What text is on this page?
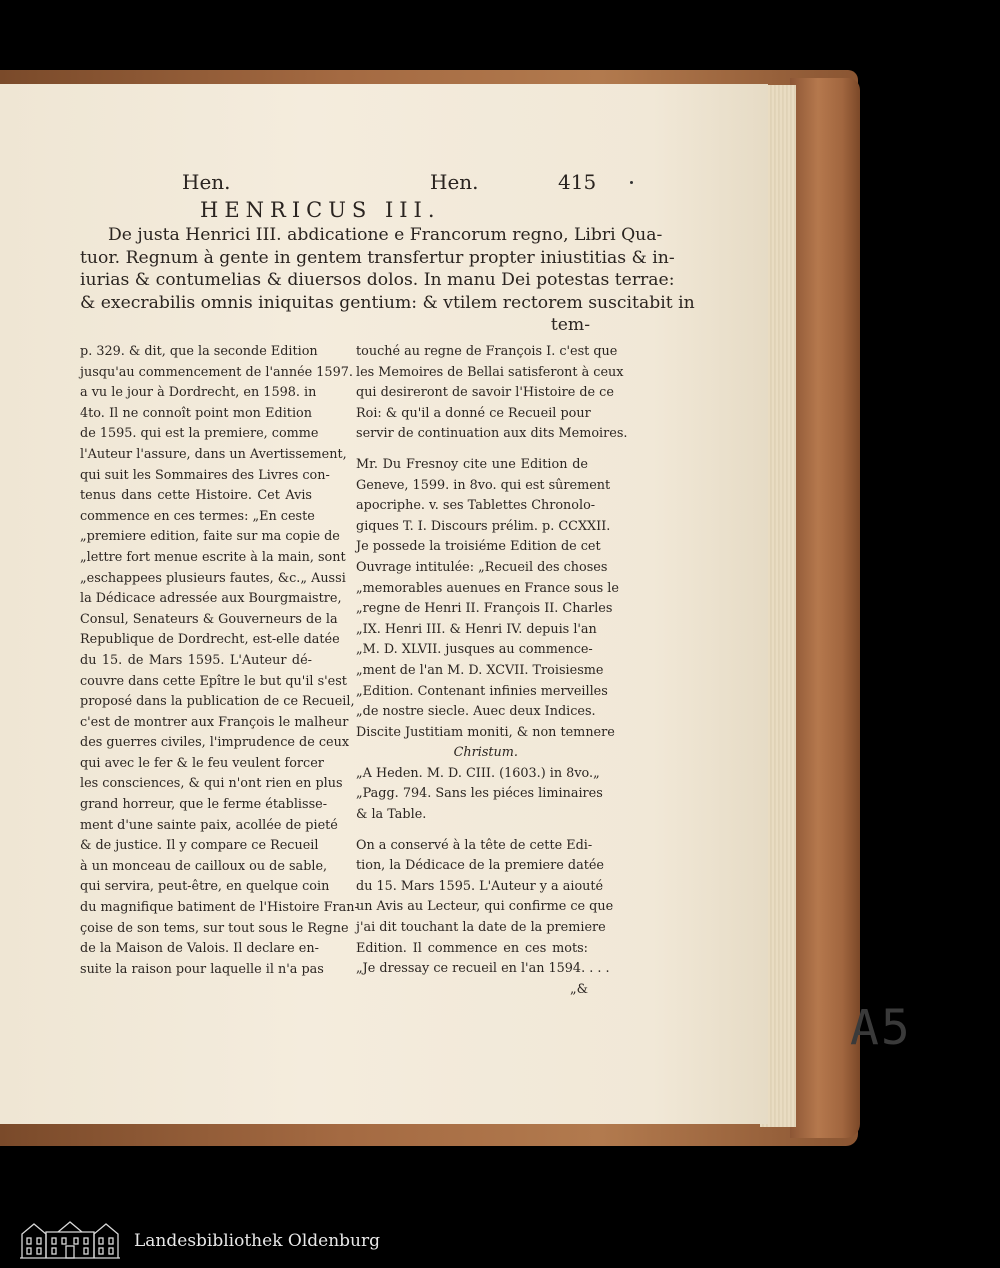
Hen.	Hen.	415
HENRICUS III.
De justa Henrici III. abdicatione e Francorum regno, Libri Qua-
tuor. Regnum à gente in gentem transfertur propter iniustitias & in-
iurias & contumelias & diuersos dolos. In manu Dei potestas terrae:
& execrabilis omnis iniquitas gentium: & vtilem rectorem suscitabit in
tem-
p. 329. & dit, que la seconde Edition
jusqu'au commencement de l'année 1597.
a vu le jour à Dordrecht, en 1598. in
4to. Il ne connoît point mon Edition
de 1595. qui est la premiere, comme
l'Auteur l'assure, dans un Avertissement,
qui suit les Sommaires des Livres con-
tenus dans cette Histoire. Cet Avis
commence en ces termes: „En ceste
„premiere edition, faite sur ma copie de
„lettre fort menue escrite à la main, sont
„eschappees plusieurs fautes, &c.„ Aussi
la Dédicace adressée aux Bourgmaistre,
Consul, Senateurs & Gouverneurs de la
Republique de Dordrecht, est-elle datée
du 15. de Mars 1595. L'Auteur dé-
couvre dans cette Epître le but qu'il s'est
proposé dans la publication de ce Recueil,
c'est de montrer aux François le malheur
des guerres civiles, l'imprudence de ceux
qui avec le fer & le feu veulent forcer
les consciences, & qui n'ont rien en plus
grand horreur, que le ferme établisse-
ment d'une sainte paix, acollée de pieté
& de justice. Il y compare ce Recueil
à un monceau de cailloux ou de sable,
qui servira, peut-être, en quelque coin
du magnifique batiment de l'Histoire Fran-
çoise de son tems, sur tout sous le Regne
de la Maison de Valois. Il declare en-
suite la raison pour laquelle il n'a pas
touché au regne de François I. c'est que
les Memoires de Bellai satisferont à ceux
qui desireront de savoir l'Histoire de ce
Roi: & qu'il a donné ce Recueil pour
servir de continuation aux dits Memoires.
Mr. Du Fresnoy cite une Edition de
Geneve, 1599. in 8vo. qui est sûrement
apocriphe. v. ses Tablettes Chronolo-
giques T. I. Discours prélim. p. CCXXII.
Je possede la troisiéme Edition de cet
Ouvrage intitulée: „Recueil des choses
„memorables auenues en France sous le
„regne de Henri II. François II. Charles
„IX. Henri III. & Henri IV. depuis l'an
„M. D. XLVII. jusques au commence-
„ment de l'an M. D. XCVII. Troisiesme
„Edition. Contenant infinies merveilles
„de nostre siecle. Auec deux Indices.
Discite Justitiam moniti, & non temnere
Christum.
„A Heden. M. D. CIII. (1603.) in 8vo.„
„Pagg. 794. Sans les piéces liminaires
& la Table.
On a conservé à la tête de cette Edi-
tion, la Dédicace de la premiere datée
du 15. Mars 1595. L'Auteur y a aiouté
un Avis au Lecteur, qui confirme ce que
j'ai dit touchant la date de la premiere
Edition. Il commence en ces mots:
„Je dressay ce recueil en l'an 1594. . . .
„&
A5
Landesbibliothek Oldenburg
